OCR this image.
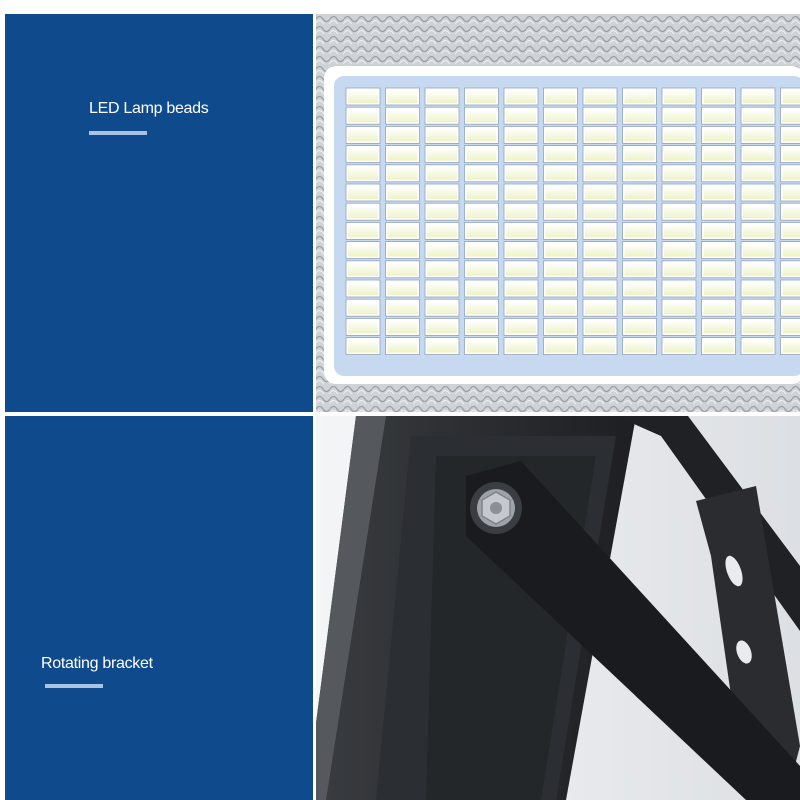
LED Lamp beads
Rotating bracket
